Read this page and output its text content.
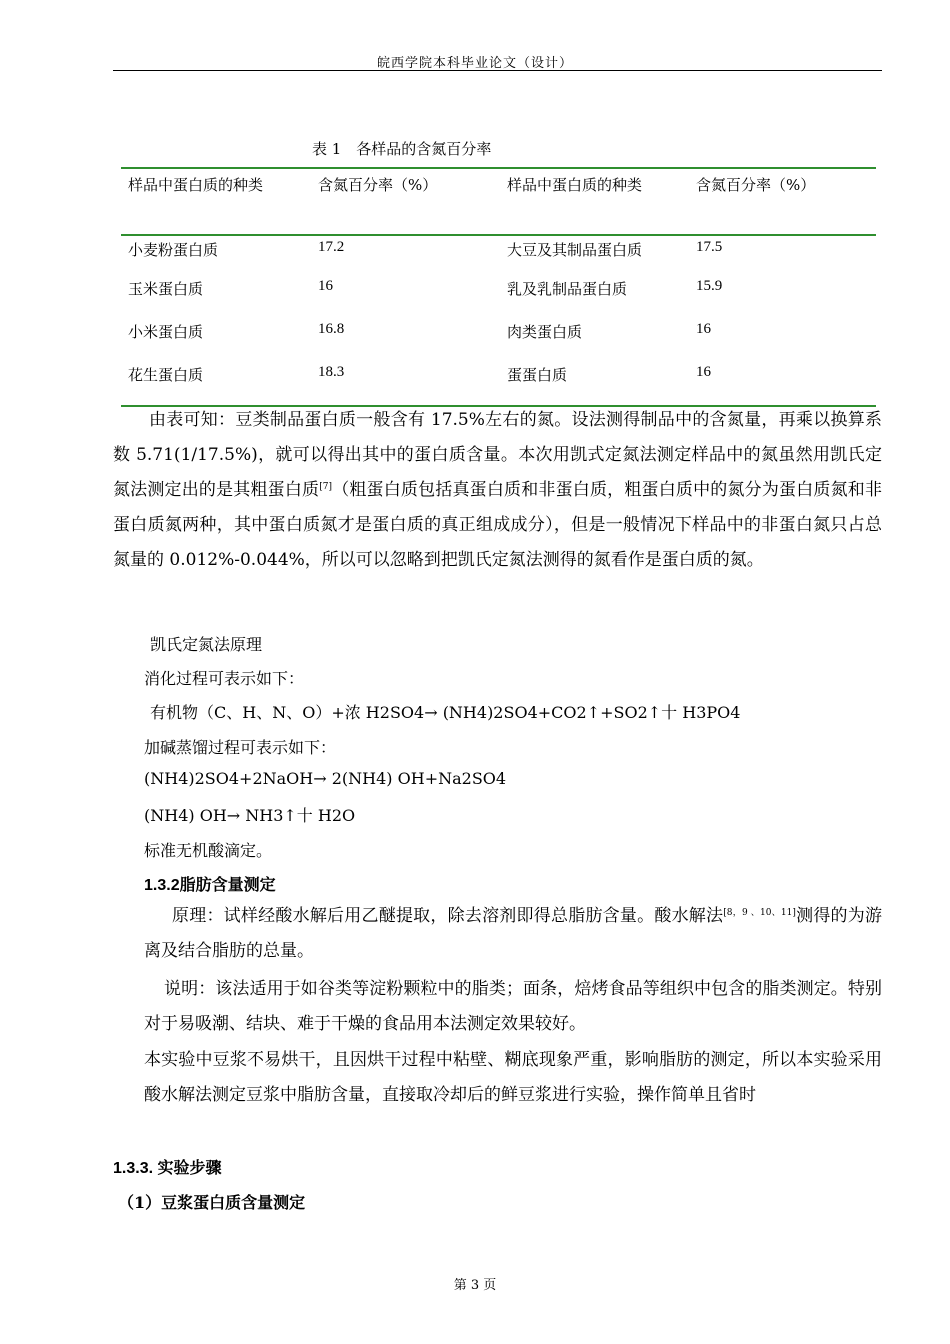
皖西学院本科毕业论文（设计）
表 1　各样品的含氮百分率
样品中蛋白质的种类	含氮百分率（%）	样品中蛋白质的种类	含氮百分率（%）
小麦粉蛋白质	17.2	大豆及其制品蛋白质	17.5
玉米蛋白质	16	乳及乳制品蛋白质	15.9
小米蛋白质	16.8	肉类蛋白质	16
花生蛋白质	18.3	蛋蛋白质	16
由表可知：豆类制品蛋白质一般含有 17.5%左右的氮。设法测得制品中的含氮量，再乘以换算系数 5.71(1/17.5%)，就可以得出其中的蛋白质含量。本次用凯式定氮法测定样品中的氮虽然用凯氏定氮法测定出的是其粗蛋白质[7]（粗蛋白质包括真蛋白质和非蛋白质，粗蛋白质中的氮分为蛋白质氮和非蛋白质氮两种，其中蛋白质氮才是蛋白质的真正组成成分），但是一般情况下样品中的非蛋白氮只占总氮量的 0.012%-0.044%，所以可以忽略到把凯氏定氮法测得的氮看作是蛋白质的氮。
凯氏定氮法原理
消化过程可表示如下：
有机物（C、H、N、O）+浓 H2SO4→ (NH4)2SO4+CO2↑+SO2↑十 H3PO4
加碱蒸馏过程可表示如下：
(NH4)2SO4+2NaOH→ 2(NH4) OH+Na2SO4
(NH4) OH→ NH3↑十 H2O
标准无机酸滴定。
1.3.2脂肪含量测定
原理：试样经酸水解后用乙醚提取，除去溶剂即得总脂肪含量。酸水解法[8，9 、10、11]测得的为游离及结合脂肪的总量。
说明：该法适用于如谷类等淀粉颗粒中的脂类；面条，焙烤食品等组织中包含的脂类测定。特别对于易吸潮、结块、难于干燥的食品用本法测定效果较好。
本实验中豆浆不易烘干，且因烘干过程中粘壁、糊底现象严重，影响脂肪的测定，所以本实验采用酸水解法测定豆浆中脂肪含量，直接取冷却后的鲜豆浆进行实验，操作简单且省时
1.3.3. 实验步骤
（1）豆浆蛋白质含量测定
第 3 页
